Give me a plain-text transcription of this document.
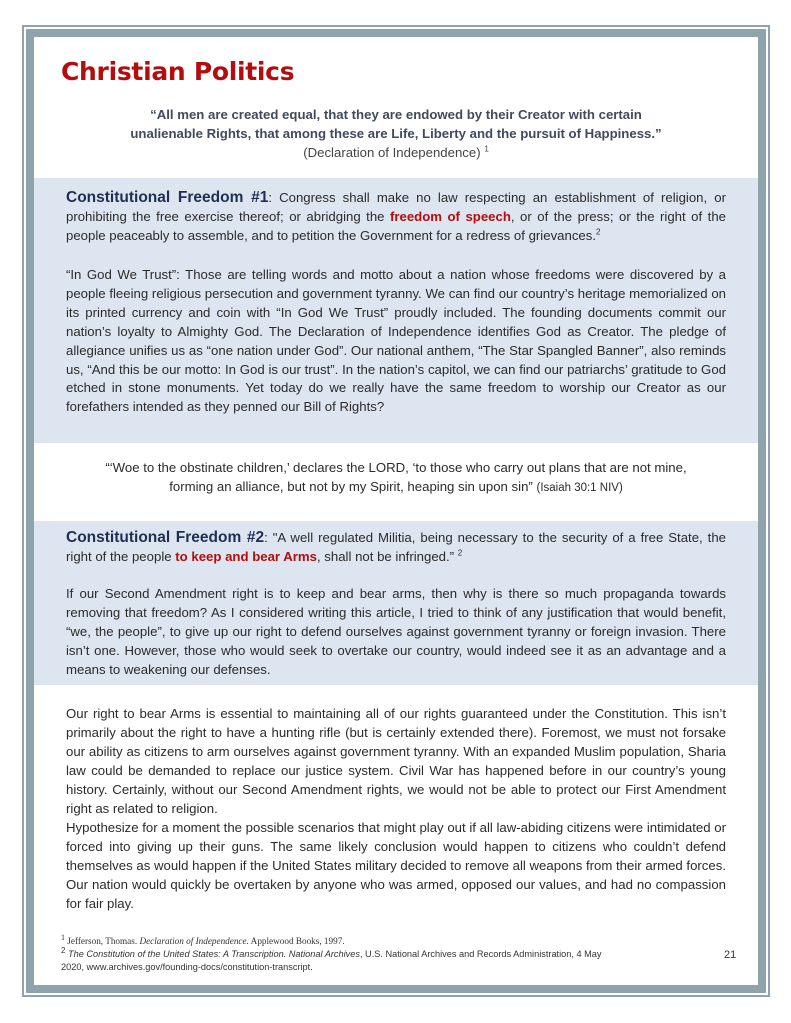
Christian Politics
“All men are created equal, that they are endowed by their Creator with certain
unalienable Rights, that among these are Life, Liberty and the pursuit of Happiness.”
(Declaration of Independence) $^1$
Constitutional Freedom #1: Congress shall make no law respecting an establishment of religion, or prohibiting the free exercise thereof; or abridging the freedom of speech, or of the press; or the right of the people peaceably to assemble, and to petition the Government for a redress of grievances.$^2$
“In God We Trust”: Those are telling words and motto about a nation whose freedoms were discovered by a people fleeing religious persecution and government tyranny. We can find our country’s heritage memorialized on its printed currency and coin with “In God We Trust” proudly included. The founding documents commit our nation’s loyalty to Almighty God. The Declaration of Independence identifies God as Creator. The pledge of allegiance unifies us as “one nation under God”. Our national anthem, “The Star Spangled Banner”, also reminds us, “And this be our motto: In God is our trust”. In the nation’s capitol, we can find our patriarchs’ gratitude to God etched in stone monuments. Yet today do we really have the same freedom to worship our Creator as our forefathers intended as they penned our Bill of Rights?
“‘Woe to the obstinate children,’ declares the LORD, ‘to those who carry out plans that are not mine,
forming an alliance, but not by my Spirit, heaping sin upon sin” (Isaiah 30:1 NIV)
Constitutional Freedom #2: "A well regulated Militia, being necessary to the security of a free State, the right of the people to keep and bear Arms, shall not be infringed.” $^2$
If our Second Amendment right is to keep and bear arms, then why is there so much propaganda towards removing that freedom? As I considered writing this article, I tried to think of any justification that would benefit, “we, the people”, to give up our right to defend ourselves against government tyranny or foreign invasion. There isn’t one. However, those who would seek to overtake our country, would indeed see it as an advantage and a means to weakening our defenses.
Our right to bear Arms is essential to maintaining all of our rights guaranteed under the Constitution. This isn’t primarily about the right to have a hunting rifle (but is certainly extended there). Foremost, we must not forsake our ability as citizens to arm ourselves against government tyranny. With an expanded Muslim population, Sharia law could be demanded to replace our justice system. Civil War has happened before in our country’s young history. Certainly, without our Second Amendment rights, we would not be able to protect our First Amendment right as related to religion.
Hypothesize for a moment the possible scenarios that might play out if all law-abiding citizens were intimidated or forced into giving up their guns. The same likely conclusion would happen to citizens who couldn’t defend themselves as would happen if the United States military decided to remove all weapons from their armed forces. Our nation would quickly be overtaken by anyone who was armed, opposed our values, and had no compassion for fair play.
$^1$ Jefferson, Thomas. Declaration of Independence. Applewood Books, 1997.
$^2$ The Constitution of the United States: A Transcription. National Archives, U.S. National Archives and Records Administration, 4 May 2020, www.archives.gov/founding-docs/constitution-transcript.
21
